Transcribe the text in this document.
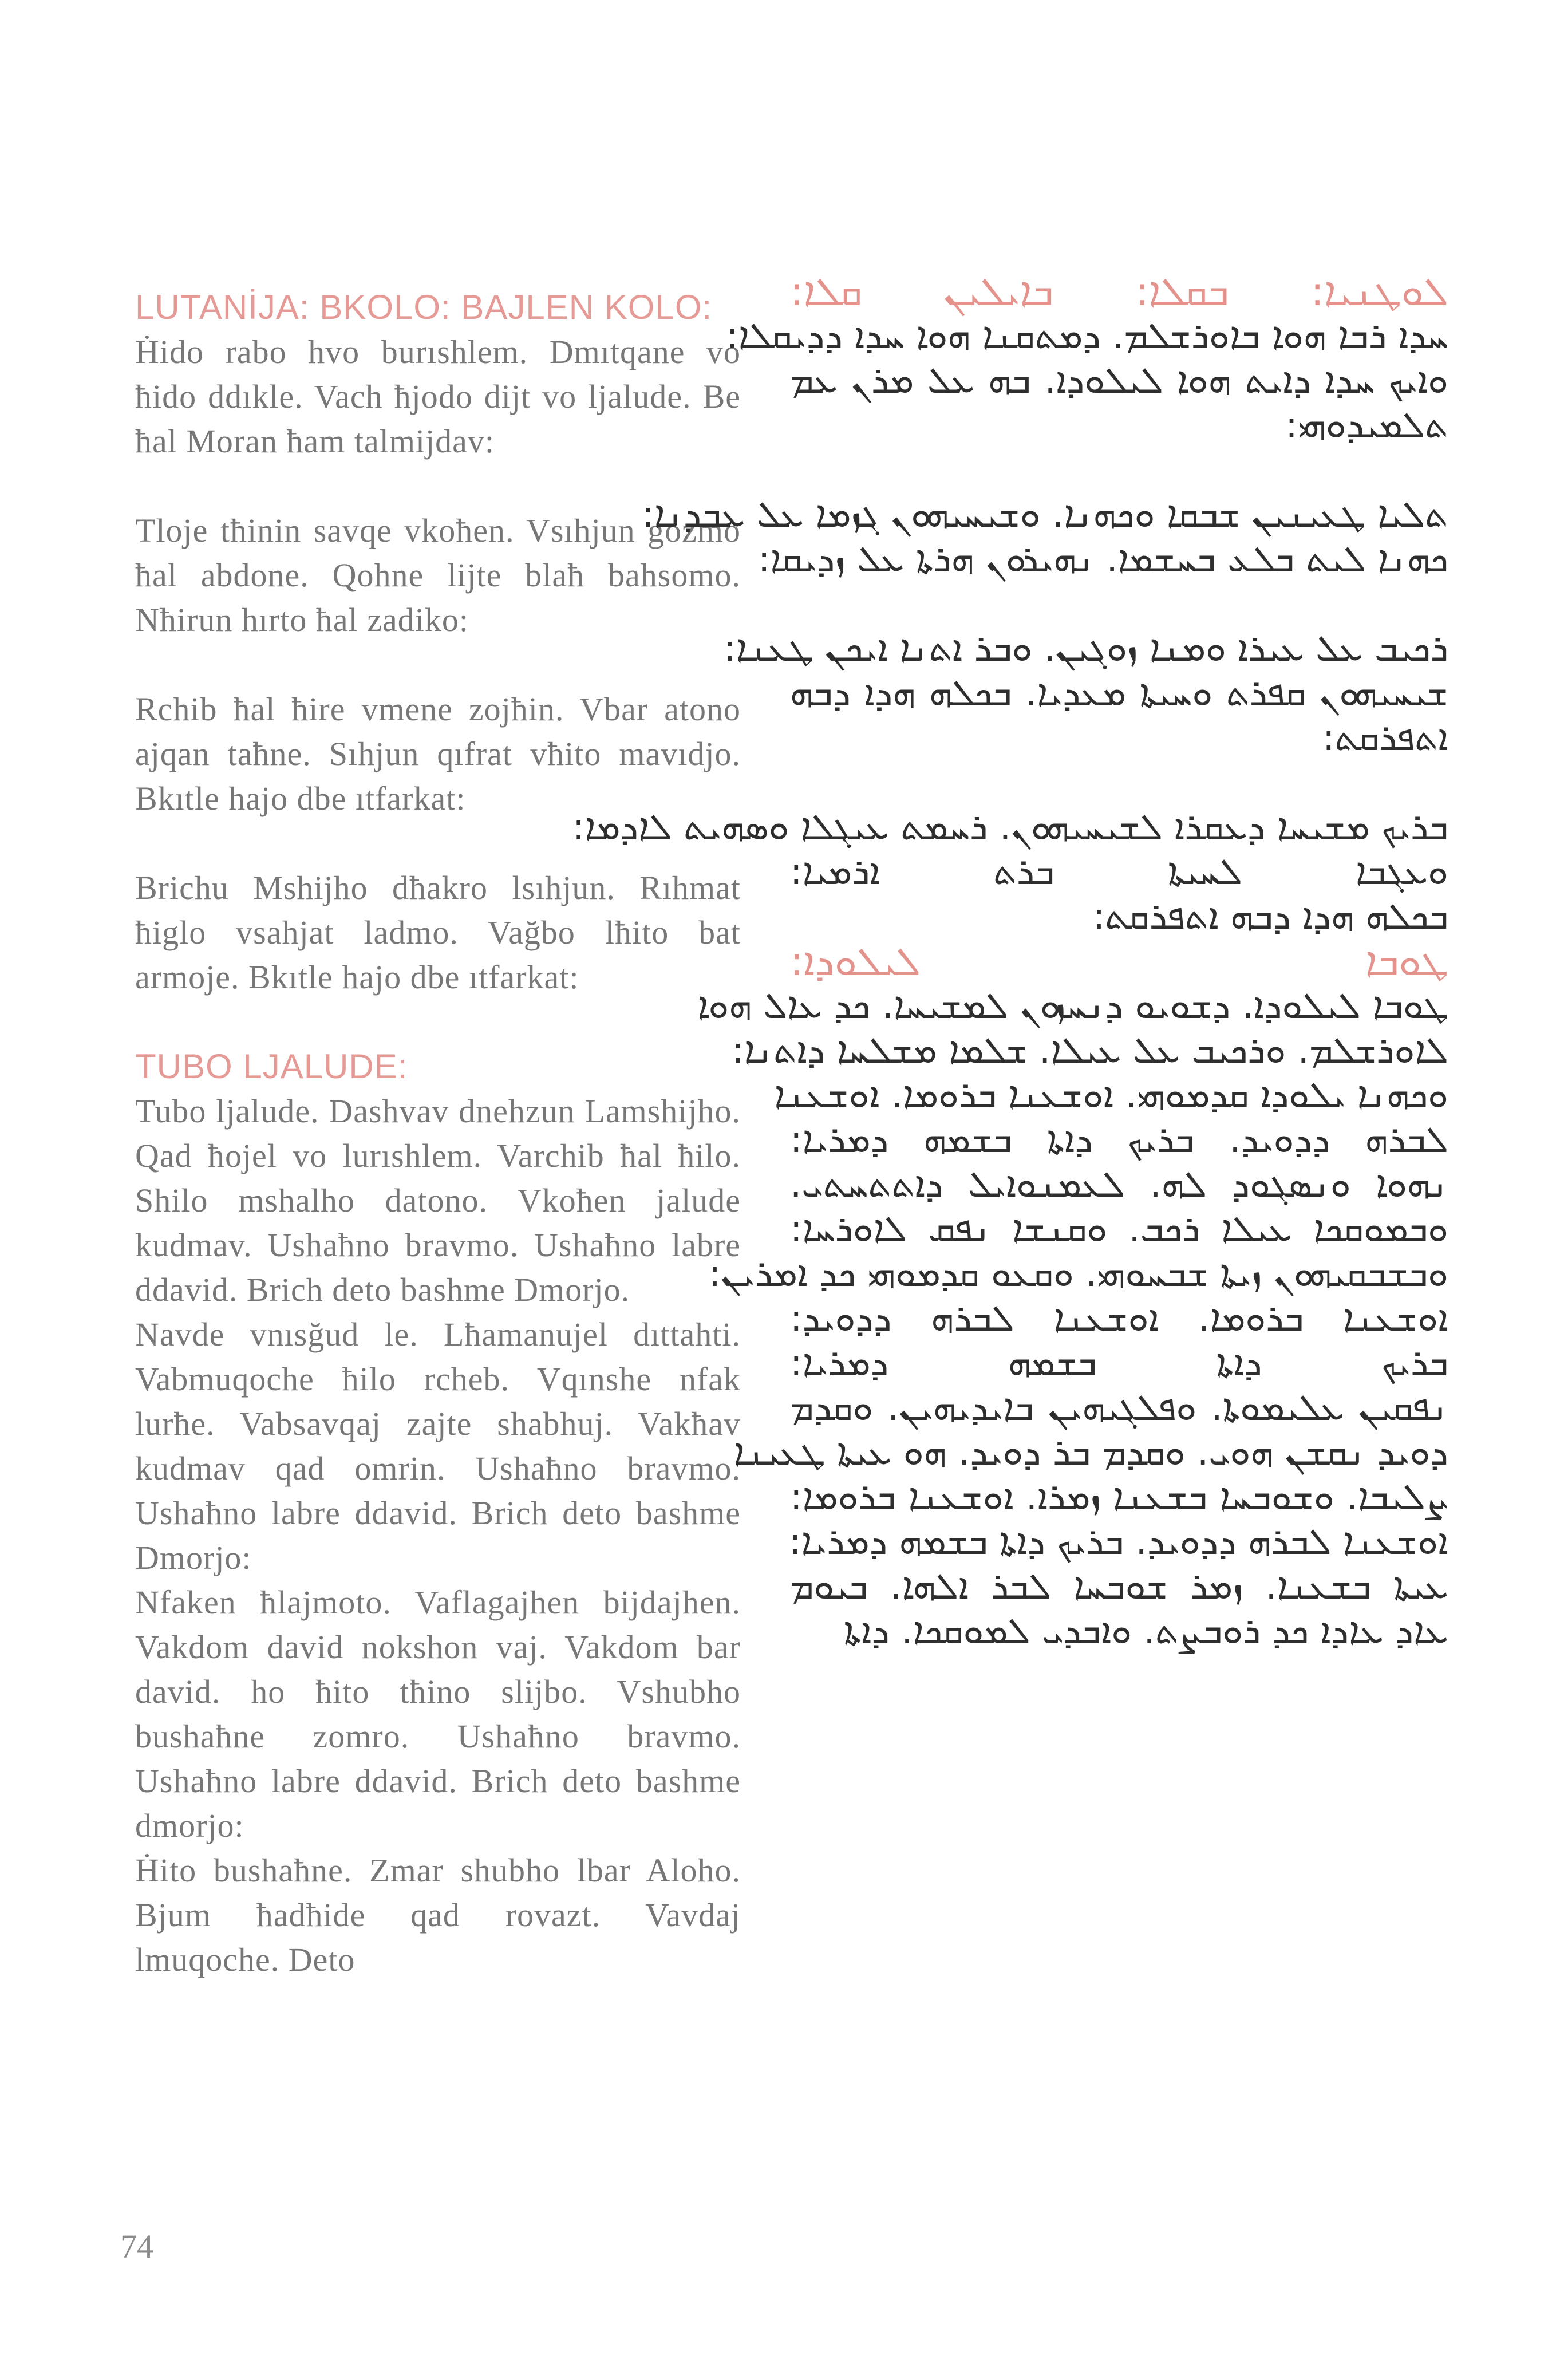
LUTANİJA: BKOLO: BAJLEN KOLO:

Ḣido rabo hvo burıshlem. Dmıtqane vo ħido ddıkle. Vach ħjodo dijt vo ljalude. Be ħal Moran ħam talmijdav:

Tloje tħinin savqe vkoħen. Vsıhjun gozmo ħal abdone. Qohne lijte blaħ bahsomo. Nħirun hırto ħal zadiko:

Rchib ħal ħire vmene zojħin. Vbar atono ajqan taħne. Sıhjun qıfrat vħito mavıdjo. Bkıtle hajo dbe ıtfarkat:

Brichu Mshijho dħakro lsıhjun. Rıhmat ħiglo vsahjat ladmo. Vağbo lħito bat armoje. Bkıtle hajo dbe ıtfarkat:

TUBO LJALUDE:

Tubo ljalude. Dashvav dnehzun Lamshijho. Qad ħojel vo lurıshlem. Varchib ħal ħilo. Shilo mshalho datono. Vkoħen jalude kudmav. Ushaħno bravmo. Ushaħno labre ddavid. Brich deto bashme Dmorjo.

Navde vnısğud le. Lħamanujel dıttahti. Vabmuqoche ħilo rcheb. Vqınshe nfak lurħe. Vabsavqaj zajte shabhuj. Vakħav kudmav qad omrin. Ushaħno bravmo. Ushaħno labre ddavid. Brich deto bashme Dmorjo:

Nfaken ħlajmoto. Vaflagajhen bijdajhen. Vakdom david nokshon vaj. Vakdom bar david. ho ħito tħino slijbo. Vshubho bushaħne zomro. Ushaħno bravmo. Ushaħno labre ddavid. Brich deto bashme dmorjo:

Ḣito bushaħne. Zmar shubho lbar Aloho. Bjum ħadħide qad rovazt. Vavdaj lmuqoche. Deto

ܠܘܛܢܝܐ: ܒܩܠܐ: ܒܐܝܠܝܢ ܩܠܐ:
ܚܕܐ ܪܒܐ ܗܘܐ ܒܐܘܪܫܠܡ. ܕܡܬܩܢܐ ܗܘܐ ܚܕܐ ܕܕܝܩܠܐ:
ܘܐܝܟ ܚܕܐ ܕܐܝܬ ܗܘܐ ܠܝܠܘܕܐ. ܒܗ ܥܠ ܡܪܢ ܥܡ
ܬܠܡܝܕܘܗܝ:
ܬܠܝܐ ܛܥܝܢܝܢ ܫܒܩܐ ܘܟܗܢܐ. ܘܫܝܚܝܗܘܢ ܓܙܡܐ ܥܠ ܥܒܕܢܐ:
ܟܗܢܐ ܠܝܬ ܒܠܥ ܒܚܫܡܐ. ܢܗܝܪܘܢ ܗܪܬܐ ܥܠ ܙܕܝܩܐ:
ܪܟܝܒ ܥܠ ܥܝܪܐ ܘܡܢܐ ܙܘܓܝܢ. ܘܒܪ ܐܬܢܐ ܐܝܟܢ ܛܥܢܐ:
ܫܝܚܝܗܘܢ ܩܦܪܬ ܘܚܝܬܐ ܡܥܕܝܐ. ܒܟܠܗ ܗܕܐ ܕܒܗ
ܐܬܦܪܩܬ:
ܒܪܝܟ ܡܫܝܚܐ ܕܥܩܪܐ ܠܫܝܚܝܗܘܢ. ܪܚܡܬ ܥܝܓܠܐ ܘܣܗܝܬ ܠܐܕܡܐ:
ܘܥܓܒܐ ܠܚܝܬܐ ܒܪܬ ܐܪܡܝܐ:
ܒܟܠܗ ܗܕܐ ܕܒܗ ܐܬܦܪܩܬ:
ܛܘܒܐ ܠܝܠܘܕܐ:
ܛܘܒܐ ܠܝܠܘܕܐ. ܕܫܘܝܘ ܕܢܚܙܘܢ ܠܡܫܝܚܐ. ܟܕ ܥܐܠ ܗܘܐ
ܠܐܘܪܫܠܡ. ܘܪܟܝܒ ܥܠ ܥܝܠܐ. ܫܠܡܐ ܡܫܠܚܐ ܕܐܬܢܐ:
ܘܟܗܢܐ ܝܠܘܕܐ ܩܕܡܘܗܝ. ܐܘܫܥܢܐ ܒܪܘܡܐ. ܐܘܫܥܢܐ
ܠܒܪܗ ܕܕܘܝܕ. ܒܪܝܟ ܕܐܬܐ ܒܫܡܗ ܕܡܪܝܐ:
ܢܗܘܐ ܘܢܣܓܘܕ ܠܗ. ܠܥܡܢܘܐܝܠ ܕܐܬܬܚܬܝ.
ܘܒܡܘܩܟܐ ܥܝܠܐ ܪܟܒ. ܘܩܢܫܐ ܢܦܩ ܠܐܘܪܚܐ:
ܘܒܫܒܩܝܗܘܢ ܙܝܬܐ ܫܒܚܘܗܝ. ܘܩܥܘ ܩܕܡܘܗܝ ܟܕ ܐܡܪܝܢ:
ܐܘܫܥܢܐ ܒܪܘܡܐ. ܐܘܫܥܢܐ ܠܒܪܗ ܕܕܘܝܕ:
ܒܪܝܟ ܕܐܬܐ ܒܫܡܗ ܕܡܪܝܐ:
ܢܦܩܝܢ ܥܠܝܡܘܬܐ. ܘܦܠܓܝܗܝܢ ܒܐܝܕܝܗܝܢ. ܘܩܕܡ
ܕܘܝܕ ܢܩܫܢ ܗܘܝ. ܘܩܕܡ ܒܪ ܕܘܝܕ. ܗܘ ܥܝܬܐ ܛܥܝܢܐ
ܨܠܝܒܐ. ܘܫܘܒܚܐ ܒܫܥܢܐ ܙܡܪܐ. ܐܘܫܥܢܐ ܒܪܘܡܐ:
ܐܘܫܥܢܐ ܠܒܪܗ ܕܕܘܝܕ. ܒܪܝܟ ܕܐܬܐ ܒܫܡܗ ܕܡܪܝܐ:
ܥܝܬܐ ܒܫܥܢܐ. ܙܡܪ ܫܘܒܚܐ ܠܒܪ ܐܠܗܐ. ܒܝܘܡ
ܥܐܕ ܥܐܕܐ ܟܕ ܪܘܒܨܬ. ܘܐܒܕܝ ܠܡܘܩܟܐ. ܕܐܬܐ
74
